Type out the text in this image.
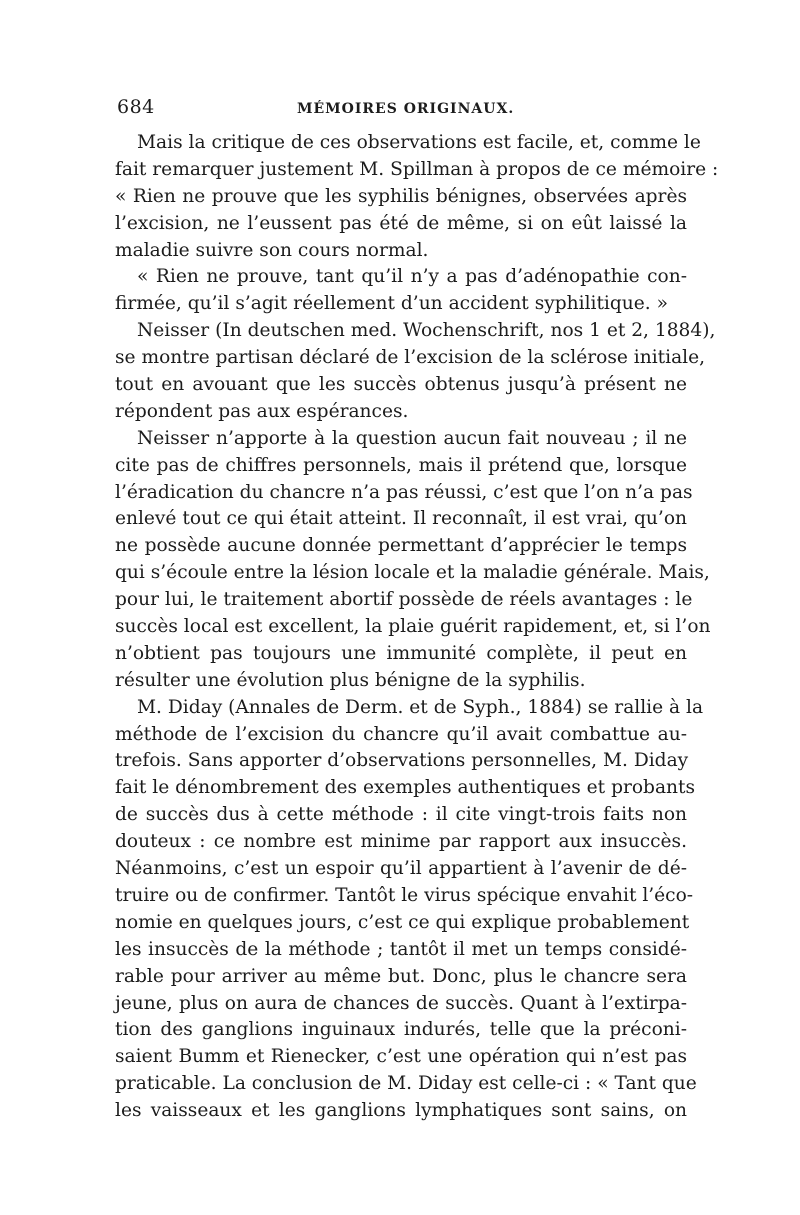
684	MÉMOIRES ORIGINAUX.
Mais la critique de ces observations est facile, et, comme le
fait remarquer justement M. Spillman à propos de ce mémoire :
« Rien ne prouve que les syphilis bénignes, observées après
l’excision, ne l’eussent pas été de même, si on eût laissé la
maladie suivre son cours normal.
« Rien ne prouve, tant qu’il n’y a pas d’adénopathie con-
firmée, qu’il s’agit réellement d’un accident syphilitique. »
Neisser (In deutschen med. Wochenschrift, nos 1 et 2, 1884),
se montre partisan déclaré de l’excision de la sclérose initiale,
tout en avouant que les succès obtenus jusqu’à présent ne
répondent pas aux espérances.
Neisser n’apporte à la question aucun fait nouveau ; il ne
cite pas de chiffres personnels, mais il prétend que, lorsque
l’éradication du chancre n’a pas réussi, c’est que l’on n’a pas
enlevé tout ce qui était atteint. Il reconnaît, il est vrai, qu’on
ne possède aucune donnée permettant d’apprécier le temps
qui s’écoule entre la lésion locale et la maladie générale. Mais,
pour lui, le traitement abortif possède de réels avantages : le
succès local est excellent, la plaie guérit rapidement, et, si l’on
n’obtient pas toujours une immunité complète, il peut en
résulter une évolution plus bénigne de la syphilis.
M. Diday (Annales de Derm. et de Syph., 1884) se rallie à la
méthode de l’excision du chancre qu’il avait combattue au-
trefois. Sans apporter d’observations personnelles, M. Diday
fait le dénombrement des exemples authentiques et probants
de succès dus à cette méthode : il cite vingt-trois faits non
douteux : ce nombre est minime par rapport aux insuccès.
Néanmoins, c’est un espoir qu’il appartient à l’avenir de dé-
truire ou de confirmer. Tantôt le virus spécique envahit l’éco-
nomie en quelques jours, c’est ce qui explique probablement
les insuccès de la méthode ; tantôt il met un temps considé-
rable pour arriver au même but. Donc, plus le chancre sera
jeune, plus on aura de chances de succès. Quant à l’extirpa-
tion des ganglions inguinaux indurés, telle que la préconi-
saient Bumm et Rienecker, c’est une opération qui n’est pas
praticable. La conclusion de M. Diday est celle-ci : « Tant que
les vaisseaux et les ganglions lymphatiques sont sains, on
